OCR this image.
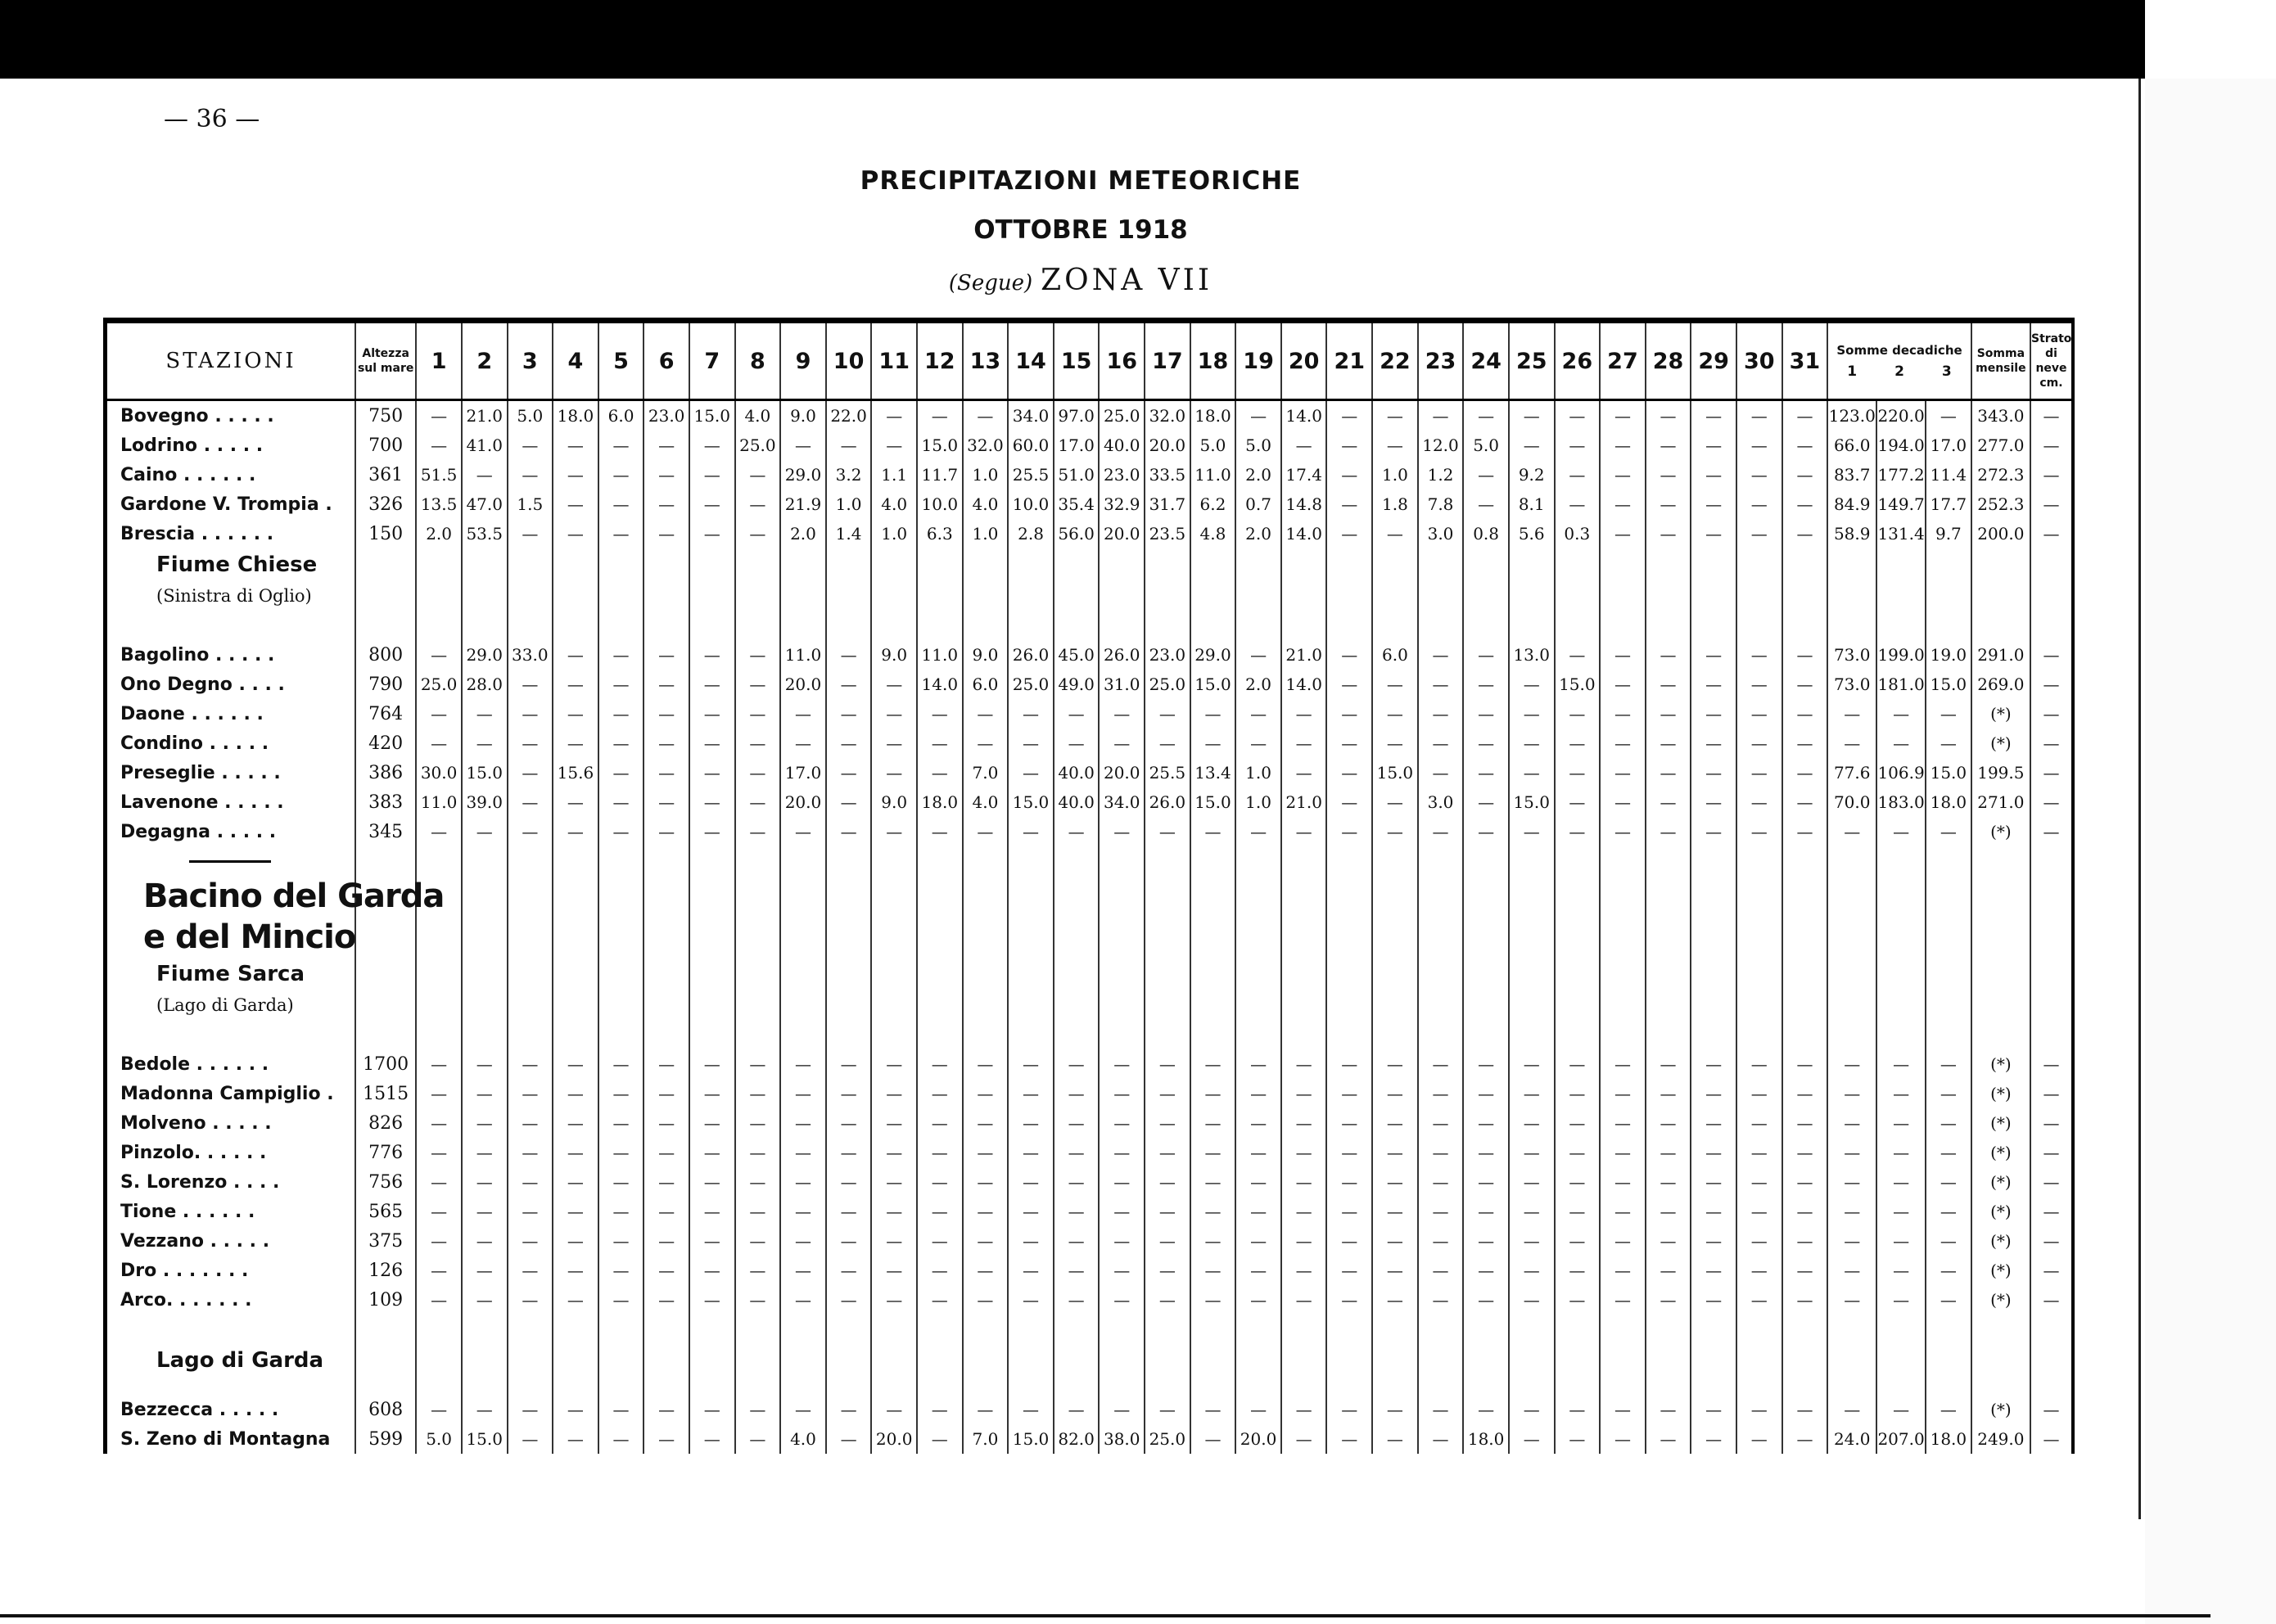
— 36 —
PRECIPITAZIONI METEORICHE
OTTOBRE 1918
(Segue) ZONA VII
STAZIONI	Altezza sul mare	1	2	3	4	5	6	7	8	9	10	11	12	13	14	15	16	17	18	19	20	21	22	23	24	25	26	27	28	29	30	31	Somme decadiche
1 2 3			Somma mensile	Strato di neve cm.
Bovegno . . . . .	750	—	21.0	5.0	18.0	6.0	23.0	15.0	4.0	9.0	22.0	—	—	—	34.0	97.0	25.0	32.0	18.0	—	14.0	—	—	—	—	—	—	—	—	—	—	—	123.0	220.0	—	343.0	—
Lodrino . . . . .	700	—	41.0	—	—	—	—	—	25.0	—	—	—	15.0	32.0	60.0	17.0	40.0	20.0	5.0	5.0	—	—	—	12.0	5.0	—	—	—	—	—	—	—	66.0	194.0	17.0	277.0	—
Caino . . . . . .	361	51.5	—	—	—	—	—	—	—	29.0	3.2	1.1	11.7	1.0	25.5	51.0	23.0	33.5	11.0	2.0	17.4	—	1.0	1.2	—	9.2	—	—	—	—	—	—	83.7	177.2	11.4	272.3	—
Gardone V. Trompia .	326	13.5	47.0	1.5	—	—	—	—	—	21.9	1.0	4.0	10.0	4.0	10.0	35.4	32.9	31.7	6.2	0.7	14.8	—	1.8	7.8	—	8.1	—	—	—	—	—	—	84.9	149.7	17.7	252.3	—
Brescia . . . . . .	150	2.0	53.5	—	—	—	—	—	—	2.0	1.4	1.0	6.3	1.0	2.8	56.0	20.0	23.5	4.8	2.0	14.0	—	—	3.0	0.8	5.6	0.3	—	—	—	—	—	58.9	131.4	9.7	200.0	—
Fiume Chiese																																					
(Sinistra di Oglio)																																					

Bagolino . . . . .	800	—	29.0	33.0	—	—	—	—	—	11.0	—	9.0	11.0	9.0	26.0	45.0	26.0	23.0	29.0	—	21.0	—	6.0	—	—	13.0	—	—	—	—	—	—	73.0	199.0	19.0	291.0	—
Ono Degno . . . .	790	25.0	28.0	—	—	—	—	—	—	20.0	—	—	14.0	6.0	25.0	49.0	31.0	25.0	15.0	2.0	14.0	—	—	—	—	—	15.0	—	—	—	—	—	73.0	181.0	15.0	269.0	—
Daone . . . . . .	764	—	—	—	—	—	—	—	—	—	—	—	—	—	—	—	—	—	—	—	—	—	—	—	—	—	—	—	—	—	—	—	—	—	—	(*)	—
Condino . . . . .	420	—	—	—	—	—	—	—	—	—	—	—	—	—	—	—	—	—	—	—	—	—	—	—	—	—	—	—	—	—	—	—	—	—	—	(*)	—
Preseglie . . . . .	386	30.0	15.0	—	15.6	—	—	—	—	17.0	—	—	—	7.0	—	40.0	20.0	25.5	13.4	1.0	—	—	15.0	—	—	—	—	—	—	—	—	—	77.6	106.9	15.0	199.5	—
Lavenone . . . . .	383	11.0	39.0	—	—	—	—	—	—	20.0	—	9.0	18.0	4.0	15.0	40.0	34.0	26.0	15.0	1.0	21.0	—	—	3.0	—	15.0	—	—	—	—	—	—	70.0	183.0	18.0	271.0	—
Degagna . . . . .	345	—	—	—	—	—	—	—	—	—	—	—	—	—	—	—	—	—	—	—	—	—	—	—	—	—	—	—	—	—	—	—	—	—	—	(*)	—

Bacino del Garda																																					
e del Mincio																																					
Fiume Sarca																																					
(Lago di Garda)																																					

Bedole . . . . . .	1700	—	—	—	—	—	—	—	—	—	—	—	—	—	—	—	—	—	—	—	—	—	—	—	—	—	—	—	—	—	—	—	—	—	—	(*)	—
Madonna Campiglio .	1515	—	—	—	—	—	—	—	—	—	—	—	—	—	—	—	—	—	—	—	—	—	—	—	—	—	—	—	—	—	—	—	—	—	—	(*)	—
Molveno . . . . .	826	—	—	—	—	—	—	—	—	—	—	—	—	—	—	—	—	—	—	—	—	—	—	—	—	—	—	—	—	—	—	—	—	—	—	(*)	—
Pinzolo. . . . . .	776	—	—	—	—	—	—	—	—	—	—	—	—	—	—	—	—	—	—	—	—	—	—	—	—	—	—	—	—	—	—	—	—	—	—	(*)	—
S. Lorenzo . . . .	756	—	—	—	—	—	—	—	—	—	—	—	—	—	—	—	—	—	—	—	—	—	—	—	—	—	—	—	—	—	—	—	—	—	—	(*)	—
Tione . . . . . .	565	—	—	—	—	—	—	—	—	—	—	—	—	—	—	—	—	—	—	—	—	—	—	—	—	—	—	—	—	—	—	—	—	—	—	(*)	—
Vezzano . . . . .	375	—	—	—	—	—	—	—	—	—	—	—	—	—	—	—	—	—	—	—	—	—	—	—	—	—	—	—	—	—	—	—	—	—	—	(*)	—
Dro . . . . . . .	126	—	—	—	—	—	—	—	—	—	—	—	—	—	—	—	—	—	—	—	—	—	—	—	—	—	—	—	—	—	—	—	—	—	—	(*)	—
Arco. . . . . . .	109	—	—	—	—	—	—	—	—	—	—	—	—	—	—	—	—	—	—	—	—	—	—	—	—	—	—	—	—	—	—	—	—	—	—	(*)	—

Lago di Garda																																					

Bezzecca . . . . .	608	—	—	—	—	—	—	—	—	—	—	—	—	—	—	—	—	—	—	—	—	—	—	—	—	—	—	—	—	—	—	—	—	—	—	(*)	—
S. Zeno di Montagna	599	5.0	15.0	—	—	—	—	—	—	4.0	—	20.0	—	7.0	15.0	82.0	38.0	25.0	—	20.0	—	—	—	—	18.0	—	—	—	—	—	—	—	24.0	207.0	18.0	249.0	—
